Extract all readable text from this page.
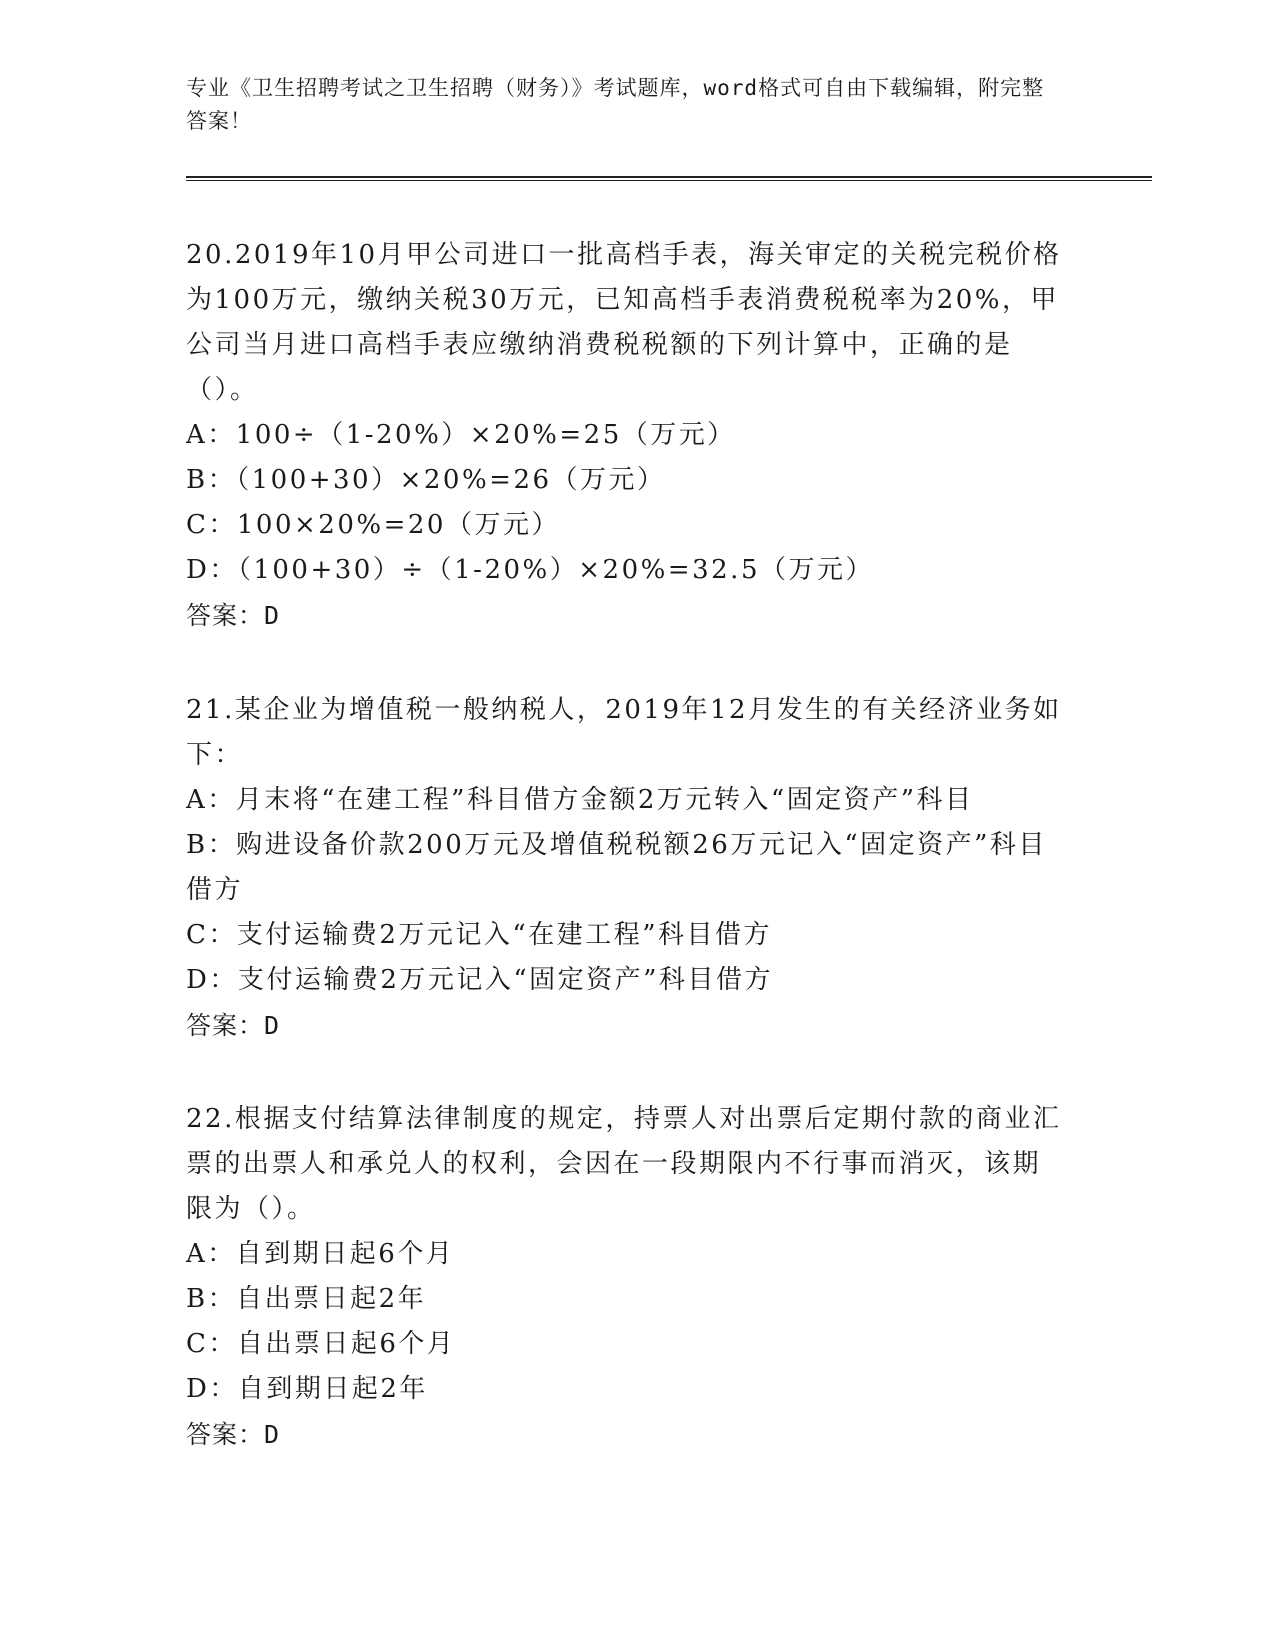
专业《卫生招聘考试之卫生招聘（财务）》考试题库，word格式可自由下载编辑，附完整答案！

20.2019年10月甲公司进口一批高档手表，海关审定的关税完税价格为100万元，缴纳关税30万元，已知高档手表消费税税率为20%，甲公司当月进口高档手表应缴纳消费税税额的下列计算中，正确的是（）。

A：100÷（1-20%）×20%=25（万元）

B：（100+30）×20%=26（万元）

C：100×20%=20（万元）

D：（100+30）÷（1-20%）×20%=32.5（万元）

答案：D

21.某企业为增值税一般纳税人，2019年12月发生的有关经济业务如下：

A：月末将“在建工程”科目借方金额2万元转入“固定资产”科目

B：购进设备价款200万元及增值税税额26万元记入“固定资产”科目借方

C：支付运输费2万元记入“在建工程”科目借方

D：支付运输费2万元记入“固定资产”科目借方

答案：D

22.根据支付结算法律制度的规定，持票人对出票后定期付款的商业汇票的出票人和承兑人的权利，会因在一段期限内不行事而消灭，该期限为（）。

A：自到期日起6个月

B：自出票日起2年

C：自出票日起6个月

D：自到期日起2年

答案：D
